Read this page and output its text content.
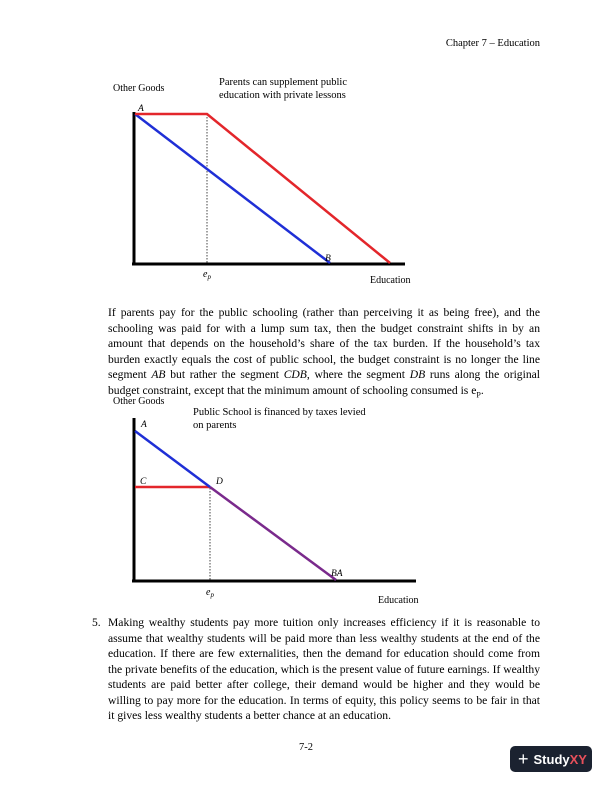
Chapter 7 – Education
Other Goods
Education
Parents can supplement public
education with private lessons
A
B
$e_p$

If parents pay for the public schooling (rather than perceiving it as being free), and the schooling was paid for with a lump sum tax, then the budget constraint shifts in by an amount that depends on the household’s share of the tax burden. If the household’s tax burden exactly equals the cost of public school, the budget constraint is no longer the line segment AB but rather the segment CDB, where the segment DB runs along the original budget constraint, except that the minimum amount of schooling consumed is $e_P$.

Other Goods
Education
Public School is financed by taxes levied
on parents
A
C	D
BA
$e_p$
5. Making wealthy students pay more tuition only increases efficiency if it is reasonable to assume that wealthy students will be paid more than less wealthy students at the end of the education. If there are few externalities, then the demand for education should come from the private benefits of the education, which is the present value of future earnings. If wealthy students are paid better after college, their demand would be higher and they would be willing to pay more for the education. In terms of equity, this policy seems to be fair in that it gives less wealthy students a better chance at an education.
7-2
+ Study XY
